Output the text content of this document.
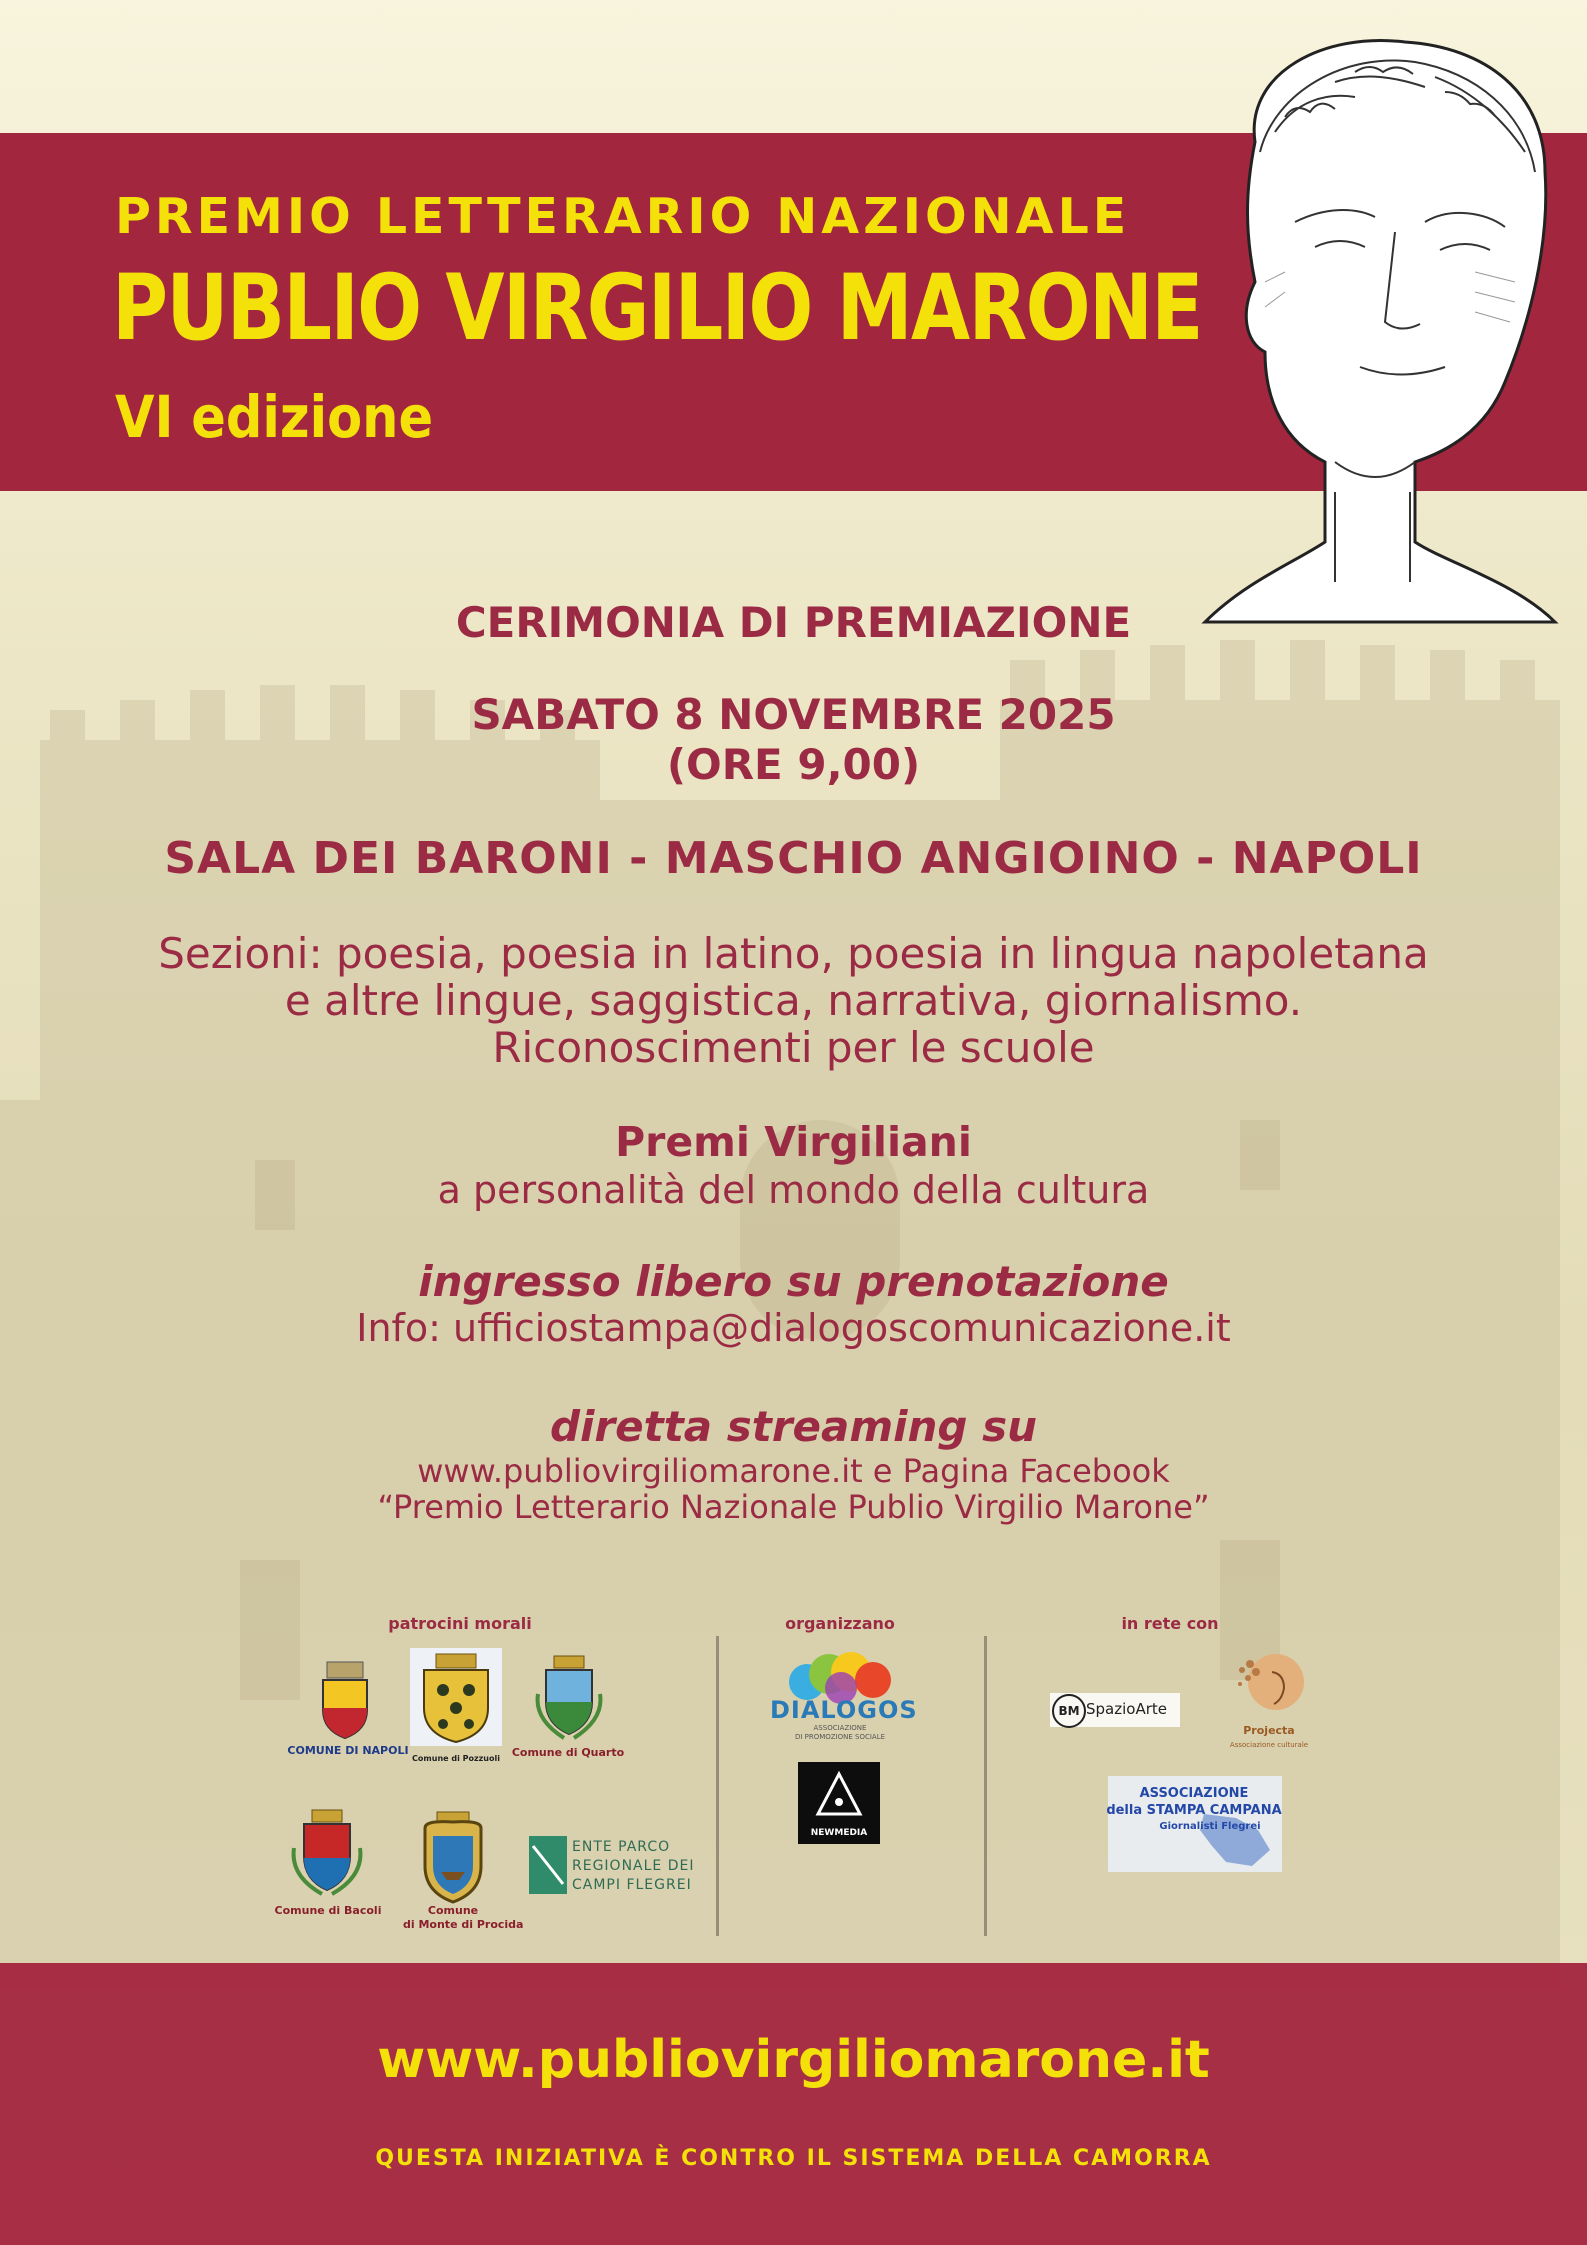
PREMIO LETTERARIO NAZIONALE
PUBLIO VIRGILIO MARONE
VI edizione
CERIMONIA DI PREMIAZIONE
SABATO 8 NOVEMBRE 2025
(ORE 9,00)
SALA DEI BARONI - MASCHIO ANGIOINO - NAPOLI
Sezioni: poesia, poesia in latino, poesia in lingua napoletana e altre lingue, saggistica, narrativa, giornalismo. Riconoscimenti per le scuole
Premi Virgiliani
a personalità del mondo della cultura
ingresso libero su prenotazione
Info: ufficiostampa@dialogoscomunicazione.it
diretta streaming su
www.publiovirgiliomarone.it e Pagina Facebook
“Premio Letterario Nazionale Publio Virgilio Marone”
patrocini morali	organizzano	in rete con
COMUNE DI NAPOLI
Comune di Pozzuoli	Comune di Quarto
Comune di Bacoli	Comune
di Monte di Procida
ENTE PARCO
REGIONALE DEI
CAMPI FLEGREI
DIALOGOS
ASSOCIAZIONE
DI PROMOZIONE SOCIALE
NEWMEDIA
BM SpazioArte
Projecta
Associazione culturale
ASSOCIAZIONE
della STAMPA CAMPANA
Giornalisti Flegrei
www.publiovirgiliomarone.it
QUESTA INIZIATIVA È CONTRO IL SISTEMA DELLA CAMORRA
